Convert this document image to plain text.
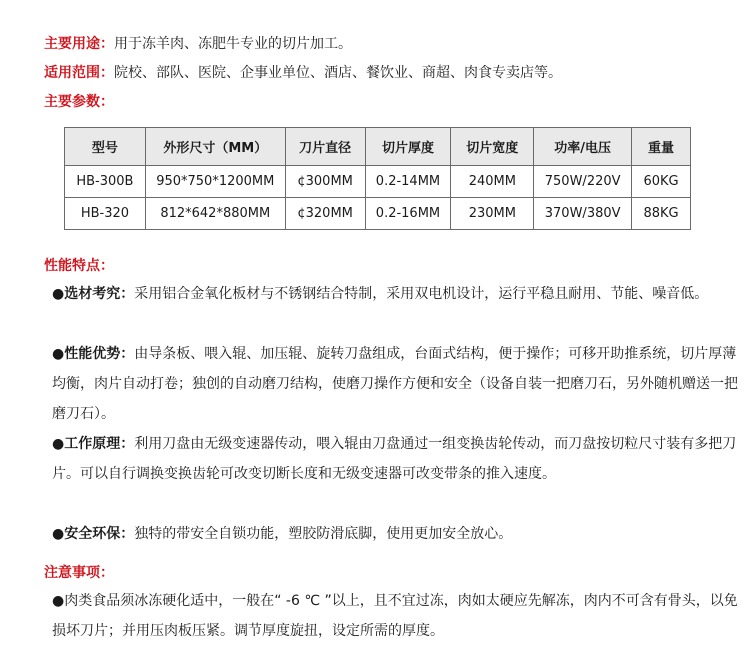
主要用途：用于冻羊肉、冻肥牛专业的切片加工。
适用范围：院校、部队、医院、企事业单位、酒店、餐饮业、商超、肉食专卖店等。
主要参数：
型号	外形尺寸（MM）	刀片直径	切片厚度	切片宽度	功率/电压	重量
HB-300B	950*750*1200MM	¢300MM	0.2-14MM	240MM	750W/220V	60KG
HB-320	812*642*880MM	¢320MM	0.2-16MM	230MM	370W/380V	88KG
性能特点：
●选材考究：采用铝合金氧化板材与不锈钢结合特制，采用双电机设计，运行平稳且耐用、节能、噪音低。
●性能优势：由导条板、喂入辊、加压辊、旋转刀盘组成，台面式结构，便于操作；可移开助推系统，切片厚薄均衡，肉片自动打卷；独创的自动磨刀结构，使磨刀操作方便和安全（设备自装一把磨刀石，另外随机赠送一把磨刀石）。
●工作原理：利用刀盘由无级变速器传动，喂入辊由刀盘通过一组变换齿轮传动，而刀盘按切粒尺寸装有多把刀片。可以自行调换变换齿轮可改变切断长度和无级变速器可改变带条的推入速度。
●安全环保：独特的带安全自锁功能，塑胶防滑底脚，使用更加安全放心。
注意事项：
●肉类食品须冰冻硬化适中，一般在“ -6 ℃ ”以上，且不宜过冻，肉如太硬应先解冻，肉内不可含有骨头，以免损坏刀片；并用压肉板压紧。调节厚度旋扭，设定所需的厚度。
